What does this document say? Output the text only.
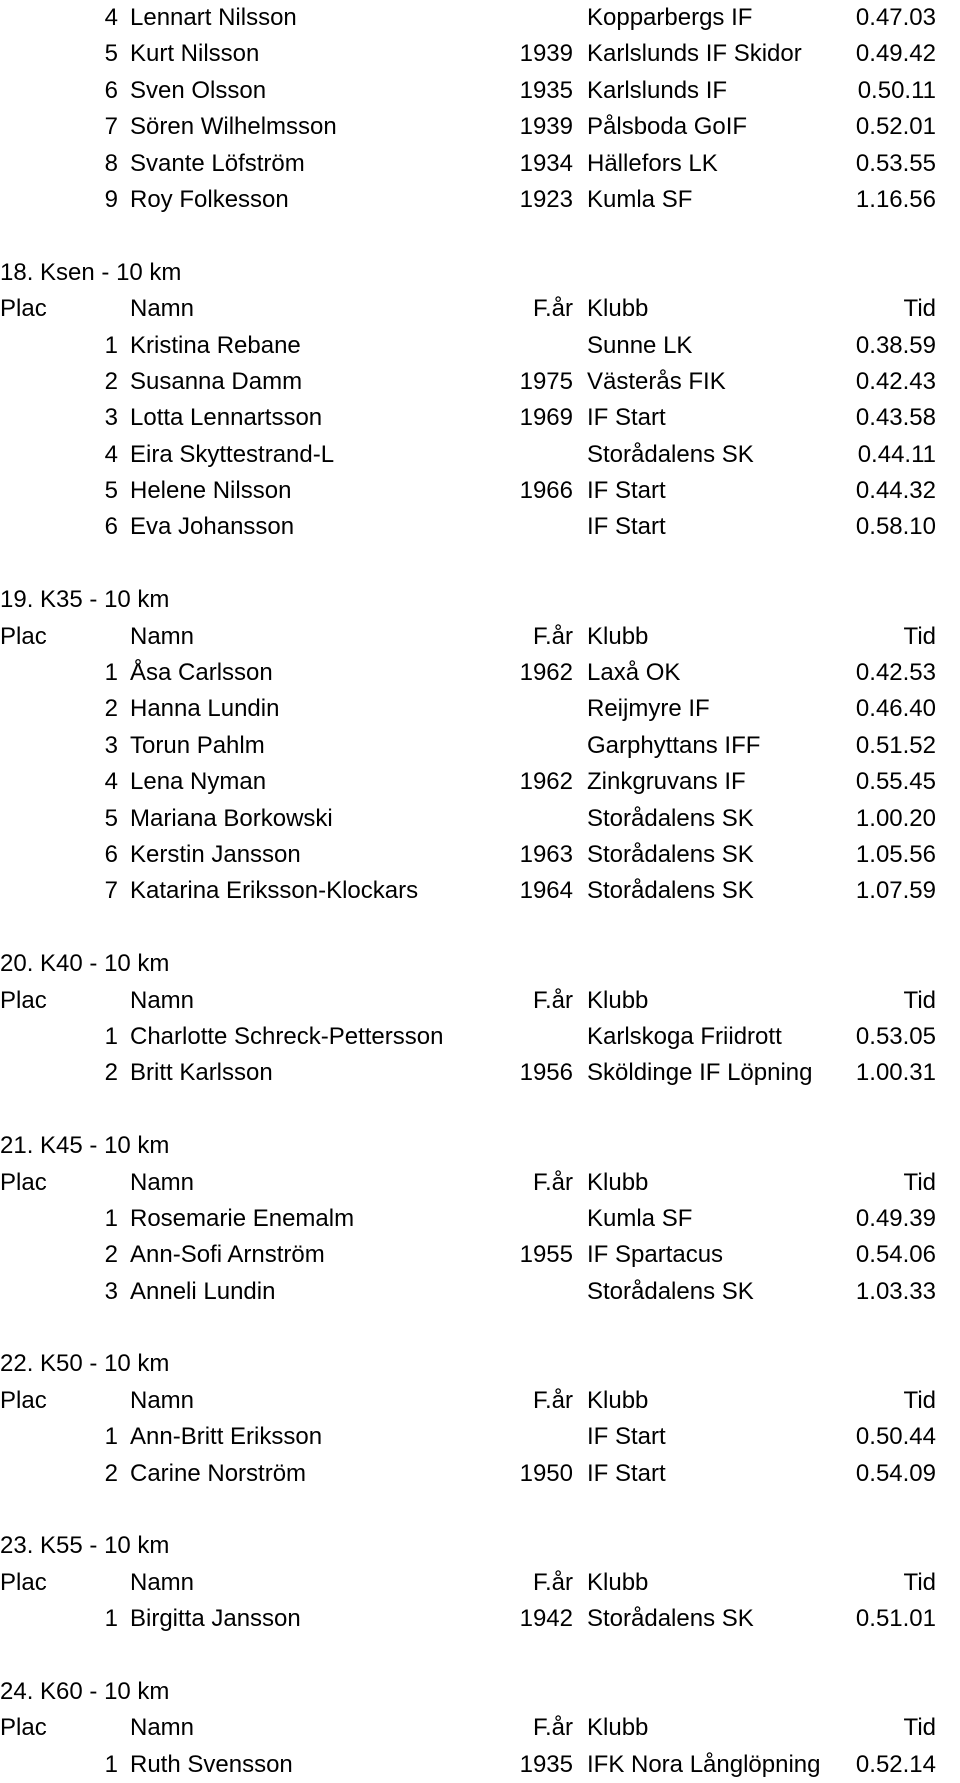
4 Lennart Nilsson	Kopparbergs IF	0.47.03
5 Kurt Nilsson	1939 Karlslunds IF Skidor	0.49.42
6 Sven Olsson	1935 Karlslunds IF	0.50.11
7 Sören Wilhelmsson	1939 Pålsboda GoIF	0.52.01
8 Svante Löfström	1934 Hällefors LK	0.53.55
9 Roy Folkesson	1923 Kumla SF	1.16.56
18. Ksen - 10 km
Plac	Namn	F.år Klubb	Tid
1 Kristina Rebane	Sunne LK	0.38.59
2 Susanna Damm	1975 Västerås FIK	0.42.43
3 Lotta Lennartsson	1969 IF Start	0.43.58
4 Eira Skyttestrand-L	Storådalens SK	0.44.11
5 Helene Nilsson	1966 IF Start	0.44.32
6 Eva Johansson	IF Start	0.58.10
19. K35 - 10 km
Plac	Namn	F.år Klubb	Tid
1 Åsa Carlsson	1962 Laxå OK	0.42.53
2 Hanna Lundin	Reijmyre IF	0.46.40
3 Torun Pahlm	Garphyttans IFF	0.51.52
4 Lena Nyman	1962 Zinkgruvans IF	0.55.45
5 Mariana Borkowski	Storådalens SK	1.00.20
6 Kerstin Jansson	1963 Storådalens SK	1.05.56
7 Katarina Eriksson-Klockars	1964 Storådalens SK	1.07.59
20. K40 - 10 km
Plac	Namn	F.år Klubb	Tid
1 Charlotte Schreck-Pettersson	Karlskoga Friidrott	0.53.05
2 Britt Karlsson	1956 Sköldinge IF Löpning	1.00.31
21. K45 - 10 km
Plac	Namn	F.år Klubb	Tid
1 Rosemarie Enemalm	Kumla SF	0.49.39
2 Ann-Sofi Arnström	1955 IF Spartacus	0.54.06
3 Anneli Lundin	Storådalens SK	1.03.33
22. K50 - 10 km
Plac	Namn	F.år Klubb	Tid
1 Ann-Britt Eriksson	IF Start	0.50.44
2 Carine Norström	1950 IF Start	0.54.09
23. K55 - 10 km
Plac	Namn	F.år Klubb	Tid
1 Birgitta Jansson	1942 Storådalens SK	0.51.01
24. K60 - 10 km
Plac	Namn	F.år Klubb	Tid
1 Ruth Svensson	1935 IFK Nora Långlöpning	0.52.14
